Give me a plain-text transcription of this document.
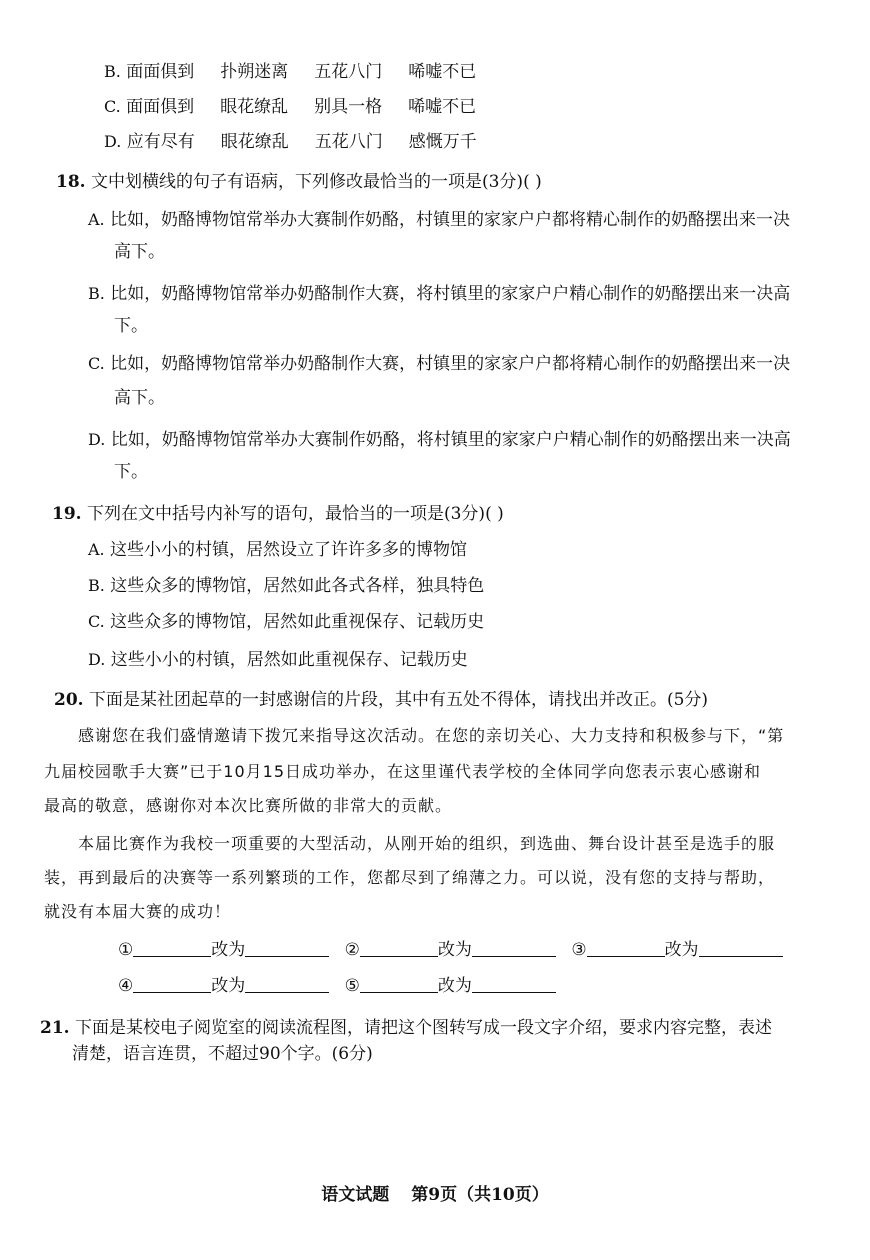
B. 面面俱到 扑朔迷离 五花八门 唏嘘不已
C. 面面俱到 眼花缭乱 别具一格 唏嘘不已
D. 应有尽有 眼花缭乱 五花八门 感慨万千
18. 文中划横线的句子有语病，下列修改最恰当的一项是(3分)( )
A. 比如，奶酪博物馆常举办大赛制作奶酪，村镇里的家家户户都将精心制作的奶酪摆出来一决
高下。
B. 比如，奶酪博物馆常举办奶酪制作大赛，将村镇里的家家户户精心制作的奶酪摆出来一决高
下。
C. 比如，奶酪博物馆常举办奶酪制作大赛，村镇里的家家户户都将精心制作的奶酪摆出来一决
高下。
D. 比如，奶酪博物馆常举办大赛制作奶酪，将村镇里的家家户户精心制作的奶酪摆出来一决高
下。
19. 下列在文中括号内补写的语句，最恰当的一项是(3分)( )
A. 这些小小的村镇，居然设立了许许多多的博物馆
B. 这些众多的博物馆，居然如此各式各样，独具特色
C. 这些众多的博物馆，居然如此重视保存、记载历史
D. 这些小小的村镇，居然如此重视保存、记载历史
20. 下面是某社团起草的一封感谢信的片段，其中有五处不得体，请找出并改正。(5分)
感谢您在我们盛情邀请下拨冗来指导这次活动。在您的亲切关心、大力支持和积极参与下，“第
九届校园歌手大赛”已于10月15日成功举办，在这里谨代表学校的全体同学向您表示衷心感谢和
最高的敬意，感谢你对本次比赛所做的非常大的贡献。
本届比赛作为我校一项重要的大型活动，从刚开始的组织，到选曲、舞台设计甚至是选手的服
装，再到最后的决赛等一系列繁琐的工作，您都尽到了绵薄之力。可以说，没有您的支持与帮助，
就没有本届大赛的成功！
①	改为	②	改为	③	改为
④	改为	⑤	改为
21. 下面是某校电子阅览室的阅读流程图，请把这个图转写成一段文字介绍，要求内容完整，表述
清楚，语言连贯，不超过90个字。(6分)
语文试题 第9页（共10页）
